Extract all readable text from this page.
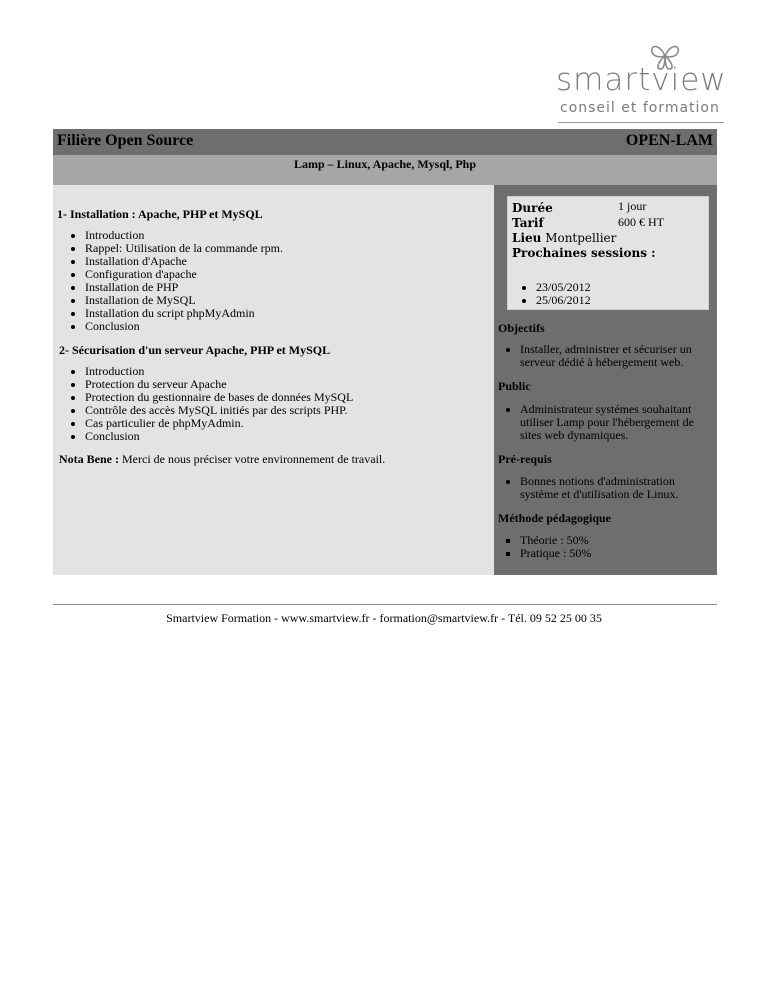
smartview
conseil et formation
Filière Open Source	OPEN-LAM
Lamp – Linux, Apache, Mysql, Php
1- Installation : Apache, PHP et MySQL
• Introduction
• Rappel: Utilisation de la commande rpm.
• Installation d'Apache
• Configuration d'apache
• Installation de PHP
• Installation de MySQL
• Installation du script phpMyAdmin
• Conclusion
2- Sécurisation d'un serveur Apache, PHP et MySQL
• Introduction
• Protection du serveur Apache
• Protection du gestionnaire de bases de données MySQL
• Contrôle des accès MySQL initiés par des scripts PHP.
• Cas particulier de phpMyAdmin.
• Conclusion
Nota Bene : Merci de nous préciser votre environnement de travail.
Durée	1 jour
Tarif	600 € HT
Lieu Montpellier
Prochaines sessions :
• 23/05/2012
• 25/06/2012
Objectifs
• Installer, administrer et sécuriser un serveur dédié à hébergement web.
Public
• Administrateur systémes souhaitant utiliser Lamp pour l'hébergement de sites web dynamiques.
Pré-requis
• Bonnes notions d'administration système et d'utilisation de Linux.
Méthode pédagogique
▪ Théorie : 50%
▪ Pratique : 50%
Smartview Formation - www.smartview.fr - formation@smartview.fr - Tél. 09 52 25 00 35
